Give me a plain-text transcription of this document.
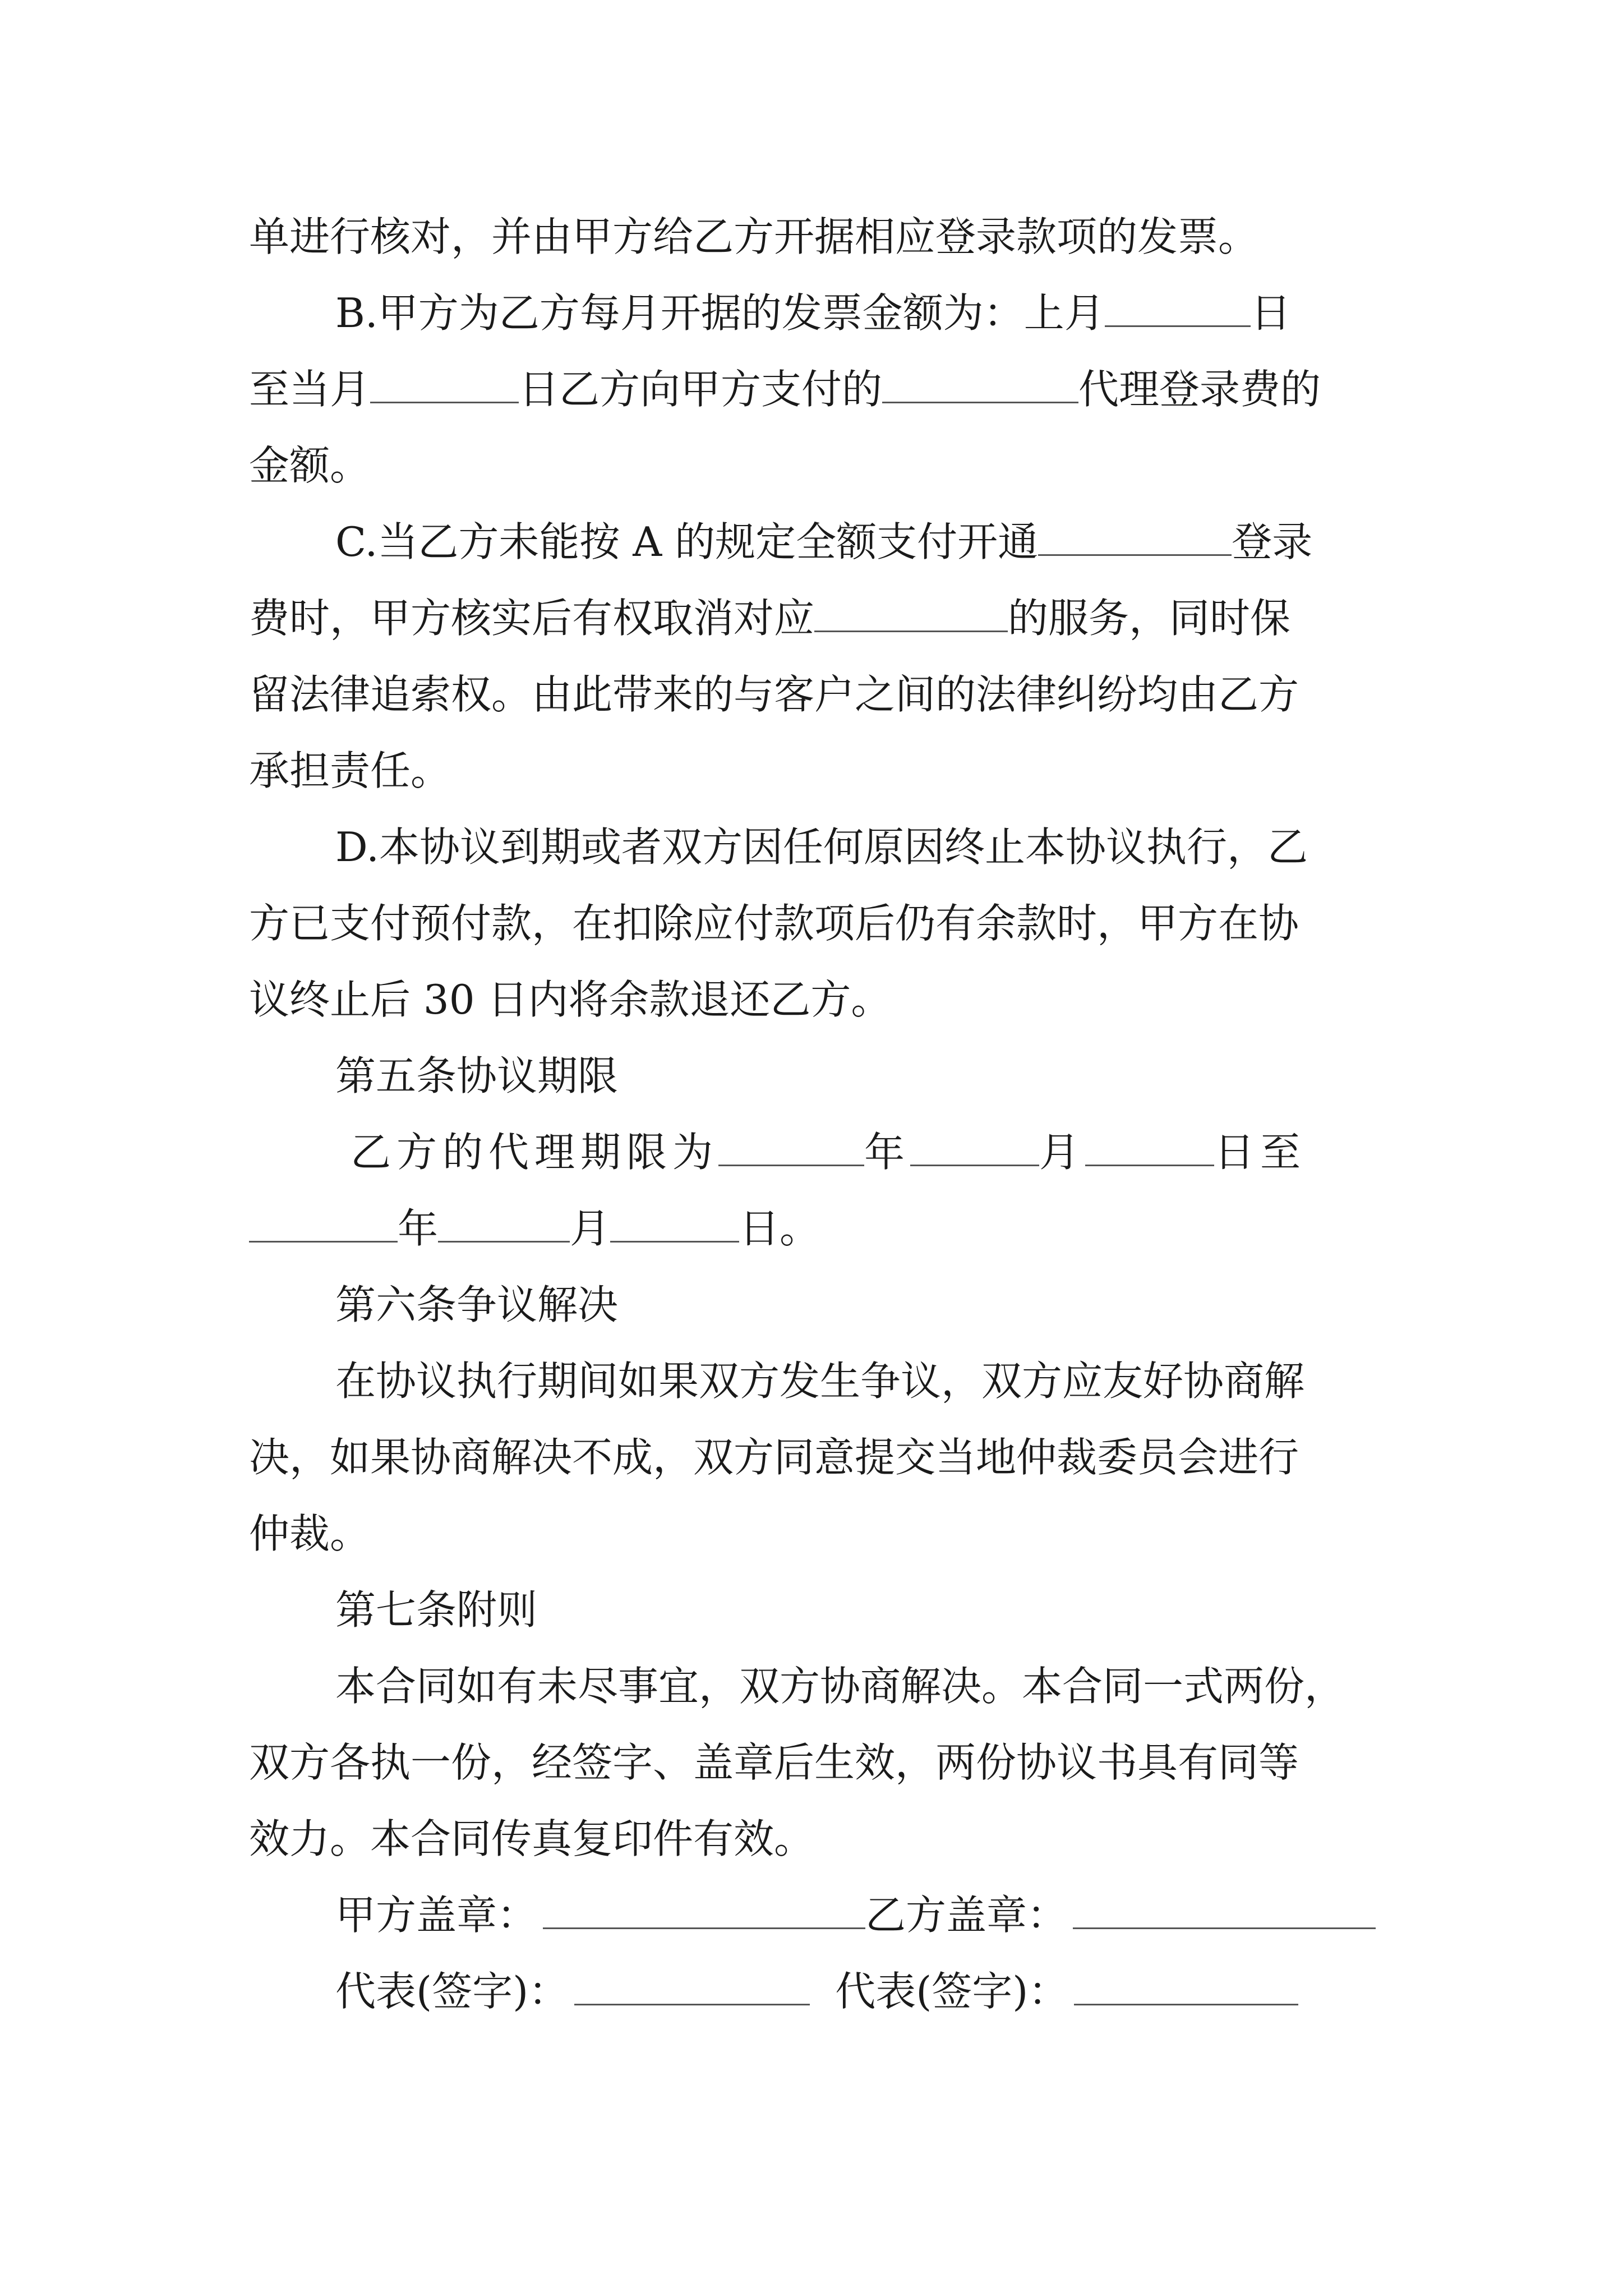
单进行核对，并由甲方给乙方开据相应登录款项的发票。
B.甲方为乙方每月开据的发票金额为：上月	日
至当月	日乙方向甲方支付的	代理登录费的
金额。
C.当乙方未能按 A 的规定全额支付开通	登录
费时，甲方核实后有权取消对应	的服务，同时保
留法律追索权。由此带来的与客户之间的法律纠纷均由乙方
承担责任。
D.本协议到期或者双方因任何原因终止本协议执行，乙
方已支付预付款，在扣除应付款项后仍有余款时，甲方在协
议终止后 30 日内将余款退还乙方。
第五条协议期限
乙方的代理期限为	年	月	日至
年	月	日。
第六条争议解决
在协议执行期间如果双方发生争议，双方应友好协商解
决，如果协商解决不成，双方同意提交当地仲裁委员会进行
仲裁。
第七条附则
本合同如有未尽事宜，双方协商解决。本合同一式两份，
双方各执一份，经签字、盖章后生效，两份协议书具有同等
效力。本合同传真复印件有效。
甲方盖章：	乙方盖章：
代表(签字)：	代表(签字)：
